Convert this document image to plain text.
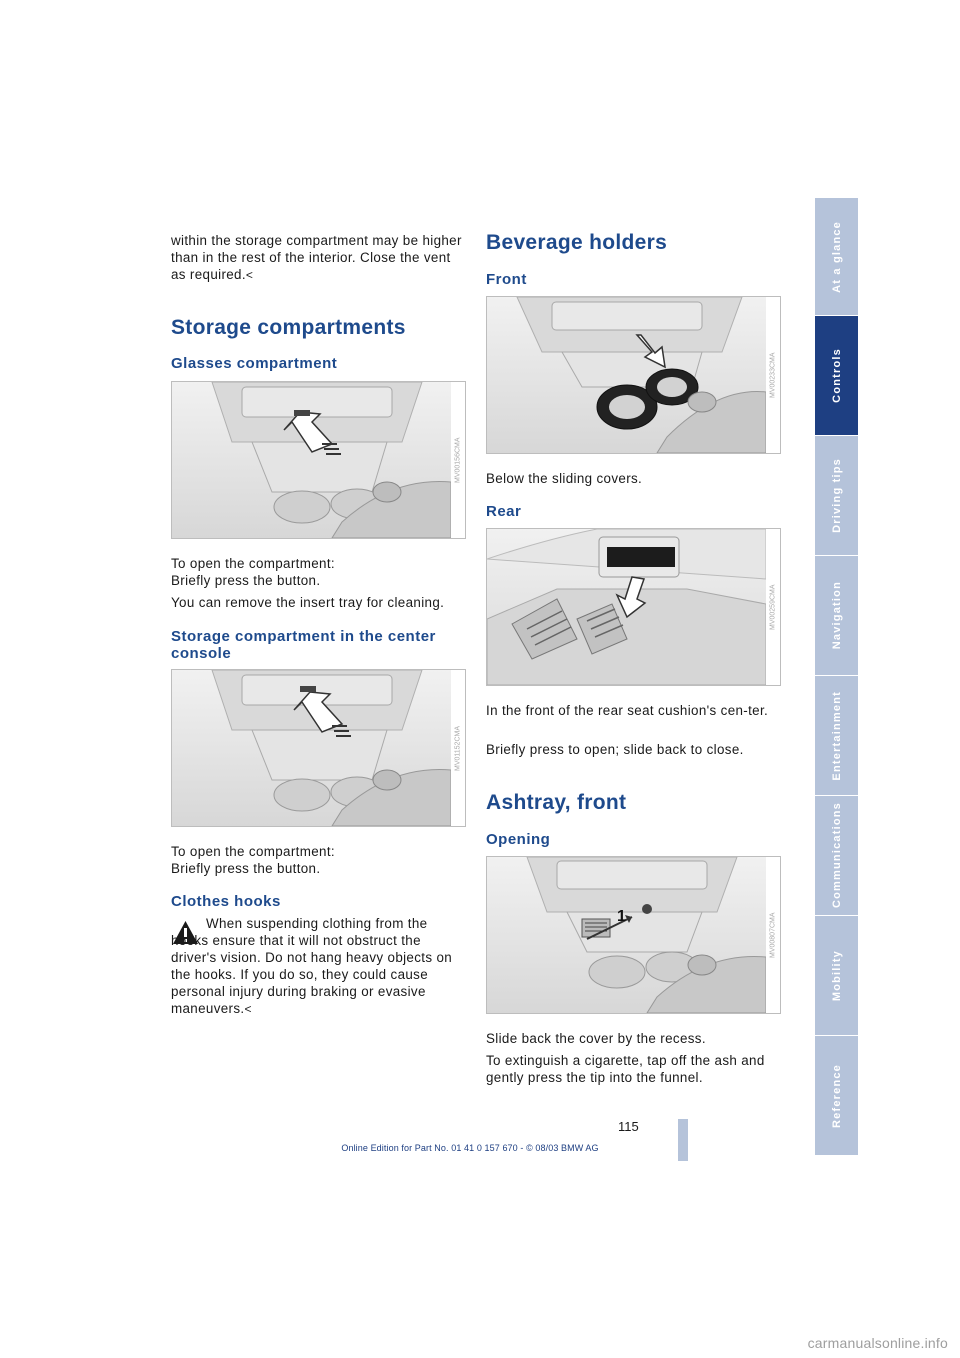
within the storage compartment may be higher than in the rest of the interior. Close the vent as required.<

Storage compartments
Glasses compartment
MV00156CMA

To open the compartment:

Briefly press the button.

You can remove the insert tray for cleaning.

Storage compartment in the center console
MV01152CMA

To open the compartment:

Briefly press the button.

Clothes hooks

When suspending clothing from the hooks ensure that it will not obstruct the driver's vision. Do not hang heavy objects on the hooks. If you do so, they could cause personal injury during braking or evasive maneuvers.<

Beverage holders
Front
MV00233CMA

Below the sliding covers.

Rear
MV00259CMA

In the front of the rear seat cushion's cen-ter.

Briefly press to open; slide back to close.

Ashtray, front
Opening
1	MV00807CMA

Slide back the cover by the recess.

To extinguish a cigarette, tap off the ash and gently press the tip into the funnel.

At a glance
Controls
Driving tips
Navigation
Entertainment
Communications
Mobility
Reference
115
Online Edition for Part No. 01 41 0 157 670 - © 08/03 BMW AG
carmanualsonline.info
